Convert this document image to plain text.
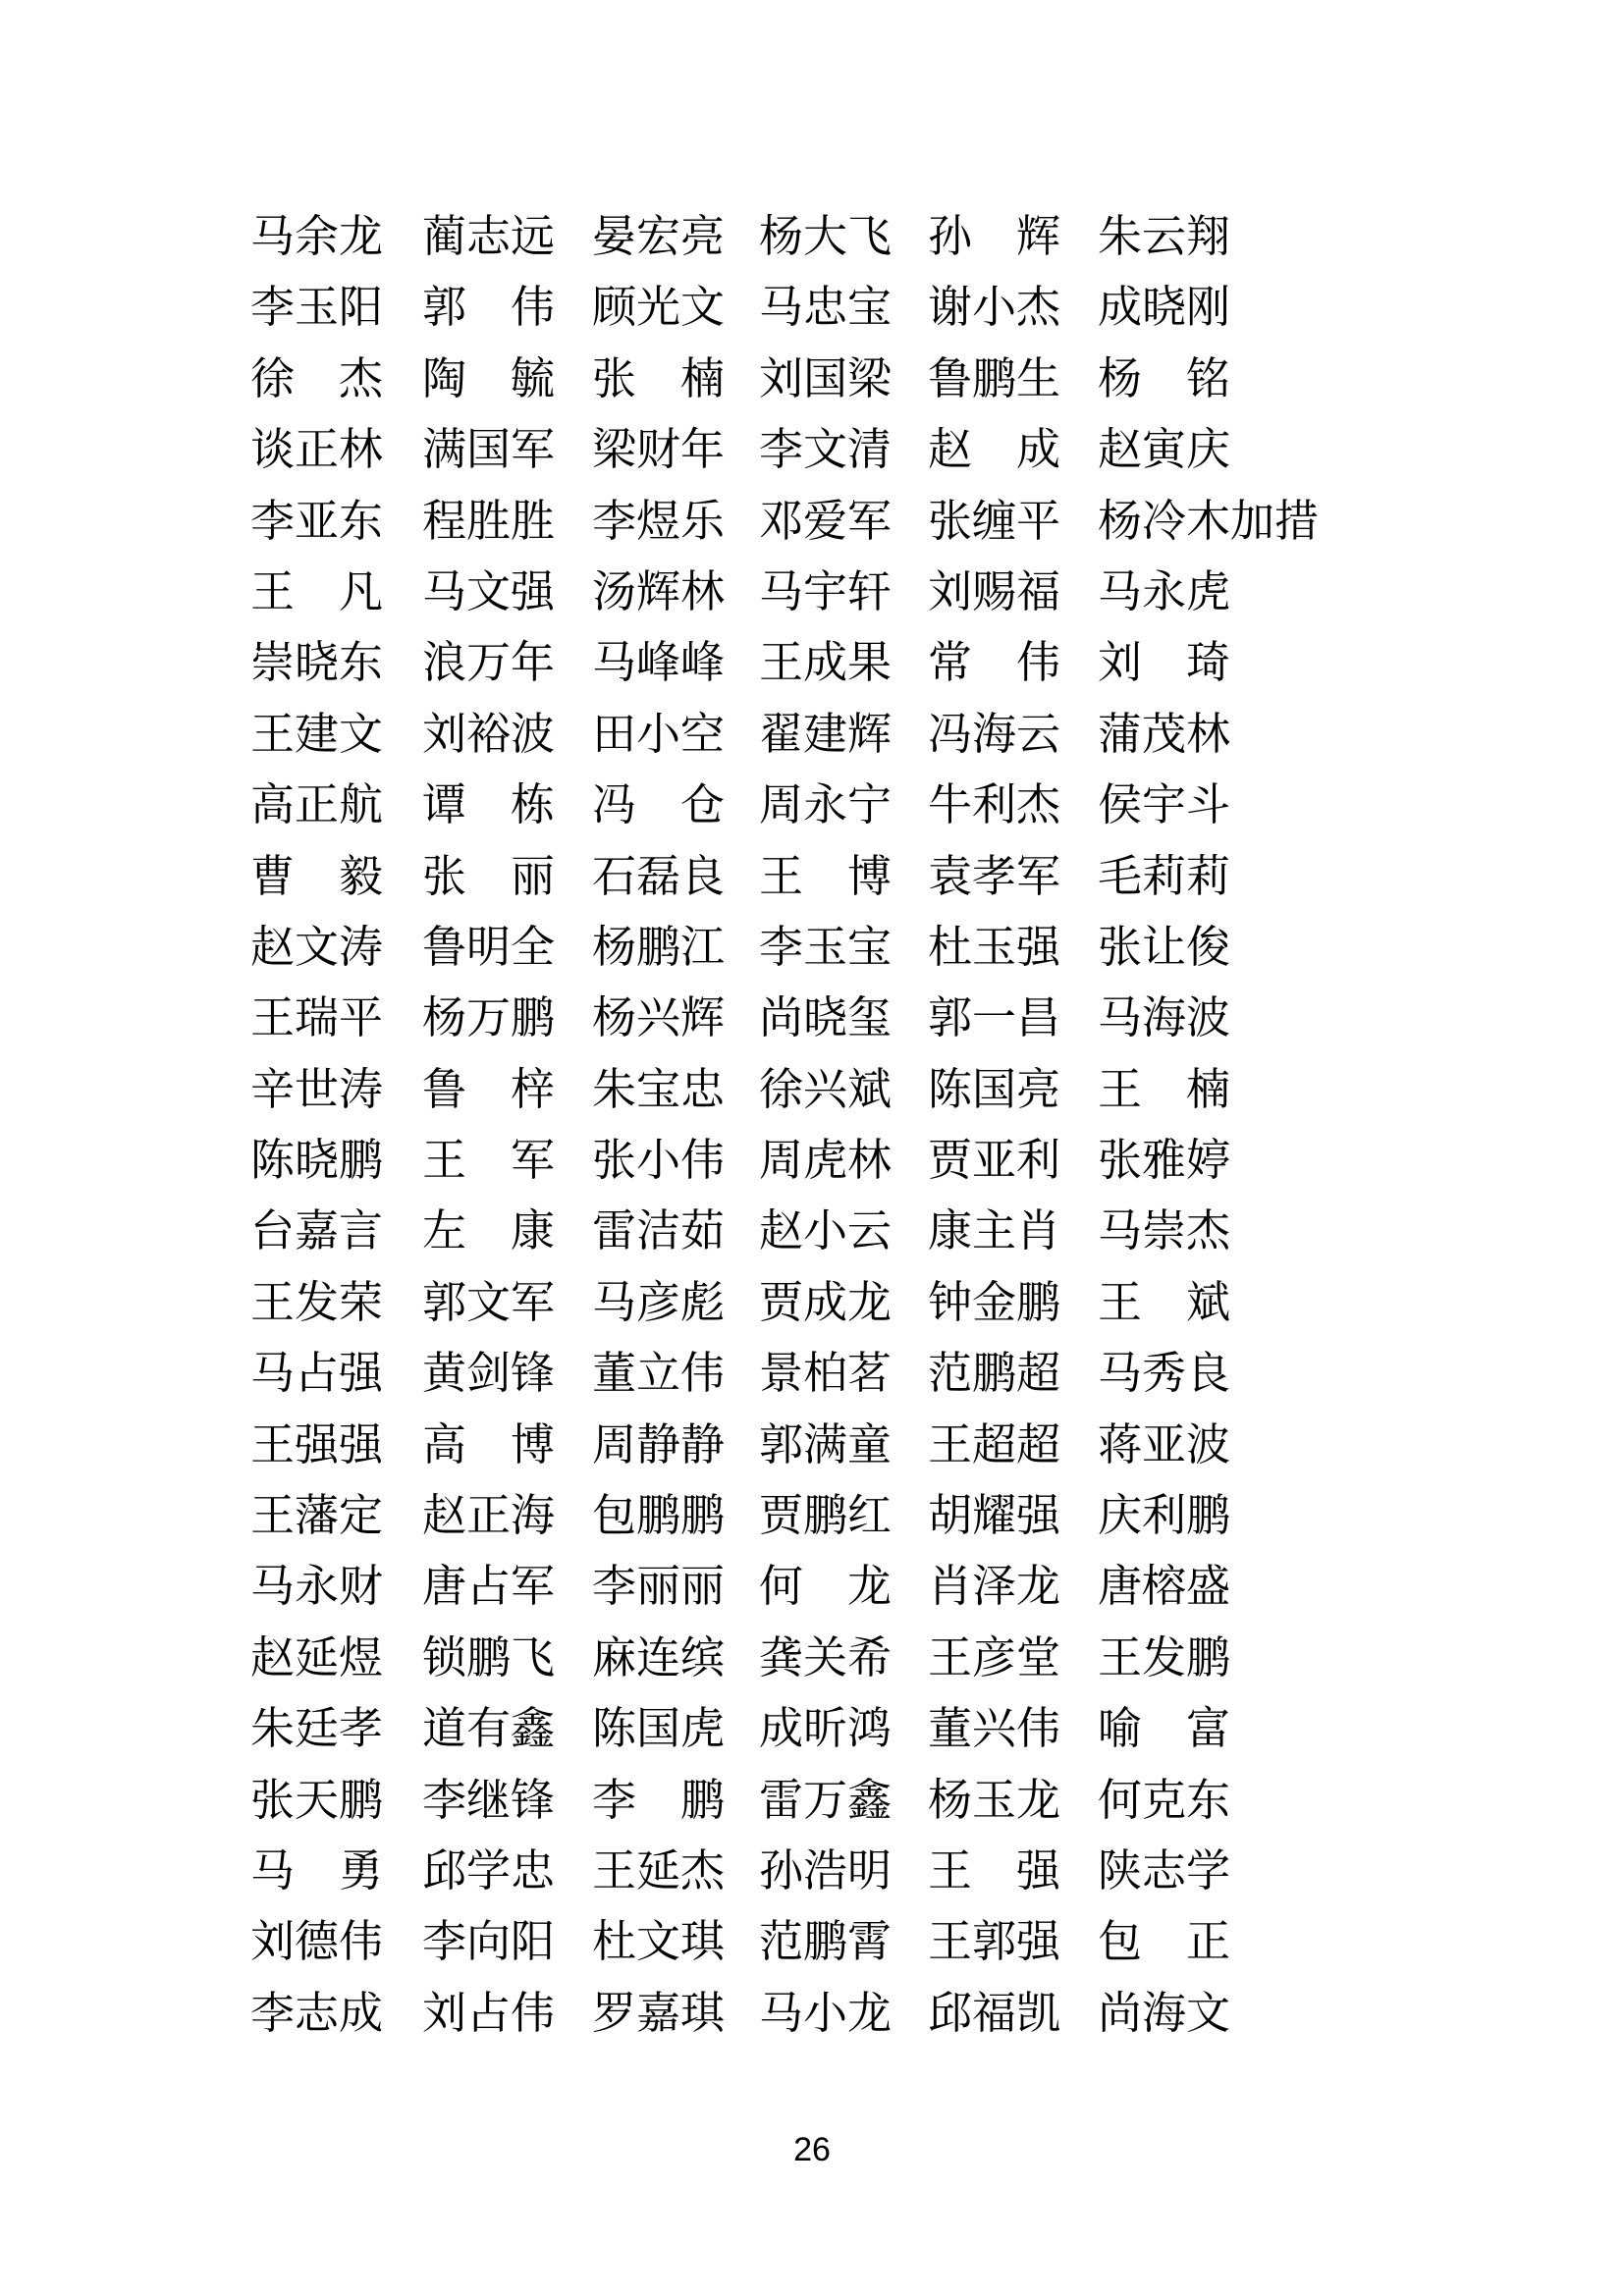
马余龙 蔺志远 晏宏亮 杨大飞 孙　辉 朱云翔
李玉阳 郭　伟 顾光文 马忠宝 谢小杰 成晓刚
徐　杰 陶　毓 张　楠 刘国梁 鲁鹏生 杨　铭
谈正林 满国军 梁财年 李文清 赵　成 赵寅庆
李亚东 程胜胜 李煜乐 邓爱军 张缠平 杨冷木加措
王　凡 马文强 汤辉林 马宇轩 刘赐福 马永虎
崇晓东 浪万年 马峰峰 王成果 常　伟 刘　琦
王建文 刘裕波 田小空 翟建辉 冯海云 蒲茂林
高正航 谭　栋 冯　仓 周永宁 牛利杰 侯宇斗
曹　毅 张　丽 石磊良 王　博 袁孝军 毛莉莉
赵文涛 鲁明全 杨鹏江 李玉宝 杜玉强 张让俊
王瑞平 杨万鹏 杨兴辉 尚晓玺 郭一昌 马海波
辛世涛 鲁　梓 朱宝忠 徐兴斌 陈国亮 王　楠
陈晓鹏 王　军 张小伟 周虎林 贾亚利 张雅婷
台嘉言 左　康 雷洁茹 赵小云 康主肖 马崇杰
王发荣 郭文军 马彦彪 贾成龙 钟金鹏 王　斌
马占强 黄剑锋 董立伟 景柏茗 范鹏超 马秀良
王强强 高　博 周静静 郭满童 王超超 蒋亚波
王藩定 赵正海 包鹏鹏 贾鹏红 胡耀强 庆利鹏
马永财 唐占军 李丽丽 何　龙 肖泽龙 唐榕盛
赵延煜 锁鹏飞 麻连缤 龚关希 王彦堂 王发鹏
朱廷孝 道有鑫 陈国虎 成昕鸿 董兴伟 喻　富
张天鹏 李继锋 李　鹏 雷万鑫 杨玉龙 何克东
马　勇 邱学忠 王延杰 孙浩明 王　强 陕志学
刘德伟 李向阳 杜文琪 范鹏霄 王郭强 包　正
李志成 刘占伟 罗嘉琪 马小龙 邱福凯 尚海文
26
